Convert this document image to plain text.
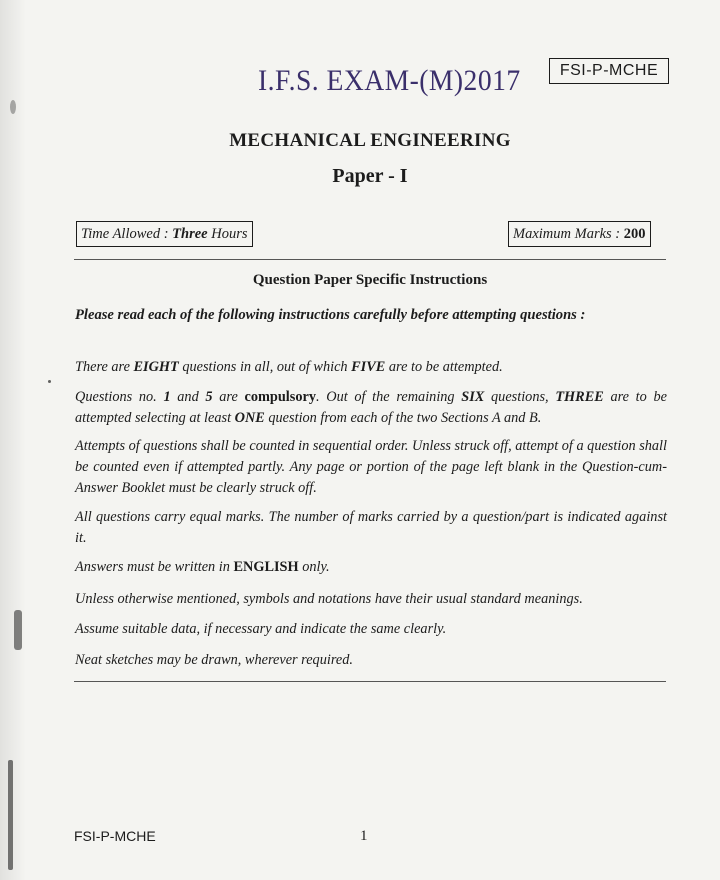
FSI-P-MCHE
I.F.S. EXAM-(M)2017
MECHANICAL ENGINEERING
Paper - I
Time Allowed : Three Hours	Maximum Marks : 200
Question Paper Specific Instructions
Please read each of the following instructions carefully before attempting questions :
There are EIGHT questions in all, out of which FIVE are to be attempted.
Questions no. 1 and 5 are compulsory. Out of the remaining SIX questions, THREE are to be attempted selecting at least ONE question from each of the two Sections A and B.
Attempts of questions shall be counted in sequential order. Unless struck off, attempt of a question shall be counted even if attempted partly. Any page or portion of the page left blank in the Question-cum-Answer Booklet must be clearly struck off.
All questions carry equal marks. The number of marks carried by a question/part is indicated against it.
Answers must be written in ENGLISH only.
Unless otherwise mentioned, symbols and notations have their usual standard meanings.
Assume suitable data, if necessary and indicate the same clearly.
Neat sketches may be drawn, wherever required.
FSI-P-MCHE	1
